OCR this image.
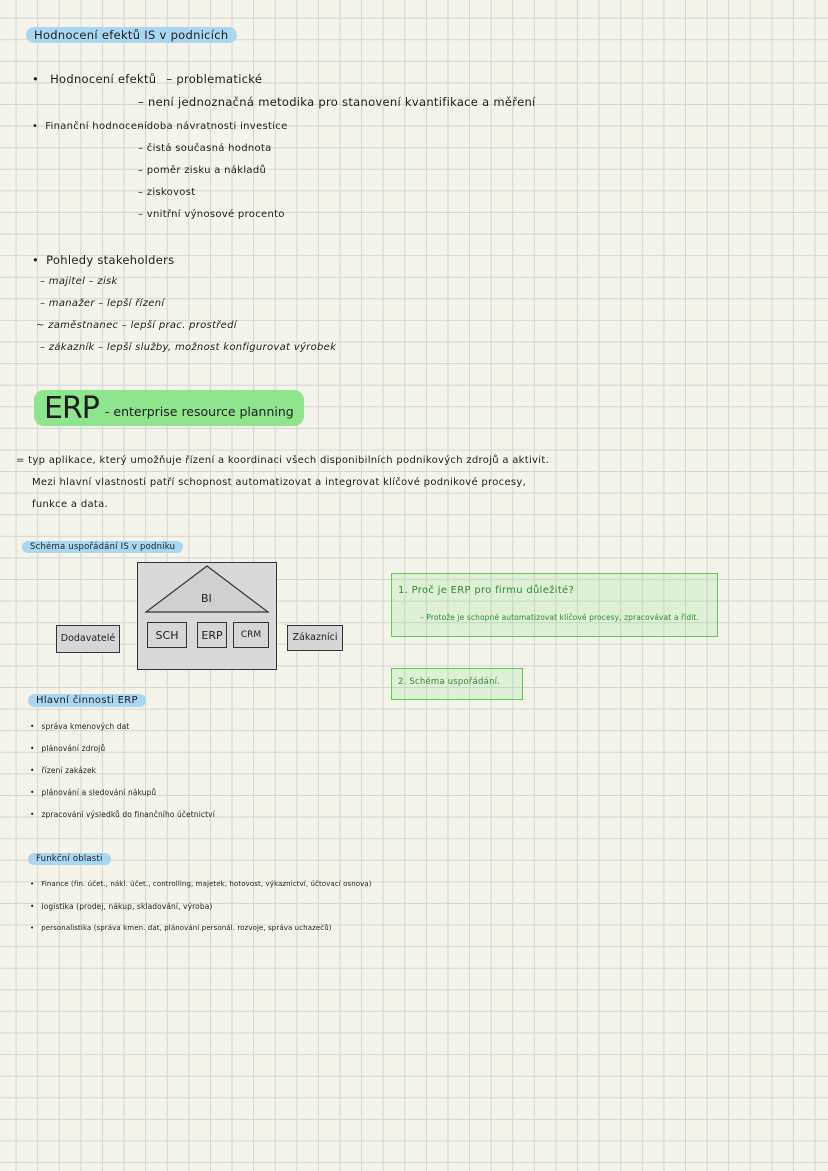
Hodnocení efektů IS v podnicích
• Hodnocení efektů – problematické
– není jednoznačná metodika pro stanovení kvantifikace a měření
• Finanční hodnocení
– doba návratnosti investice
– čistá současná hodnota
– poměr zisku a nákladů
– ziskovost
– vnitřní výnosové procento
• Pohledy stakeholders
– majitel – zisk
– manažer – lepší řízení
~ zaměstnanec – lepší prac. prostředí
– zákazník – lepší služby, možnost konfigurovat výrobek
ERP - enterprise resource planning
= typ aplikace, který umožňuje řízení a koordinaci všech disponibilních podnikových zdrojů a aktivit.
Mezi hlavní vlastnosti patří schopnost automatizovat a integrovat klíčové podnikové procesy,
funkce a data.
Schéma uspořádání IS v podniku
BI
SCH	ERP	CRM
Dodavatelé	Zákazníci
1. Proč je ERP pro firmu důležité?
– Protože je schopné automatizovat klíčové procesy, zpracovávat a řídit.
2. Schéma uspořádání.
Hlavní činnosti ERP
• správa kmenových dat
• plánování zdrojů
• řízení zakázek
• plánování a sledování nákupů
• zpracování výsledků do finančního účetnictví
Funkční oblasti
• Finance (fin. účet., nákl. účet., controlling, majetek, hotovost, výkaznictví, účtovací osnova)
• logistika (prodej, nákup, skladování, výroba)
• personalistika (správa kmen. dat, plánování personál. rozvoje, správa uchazečů)
